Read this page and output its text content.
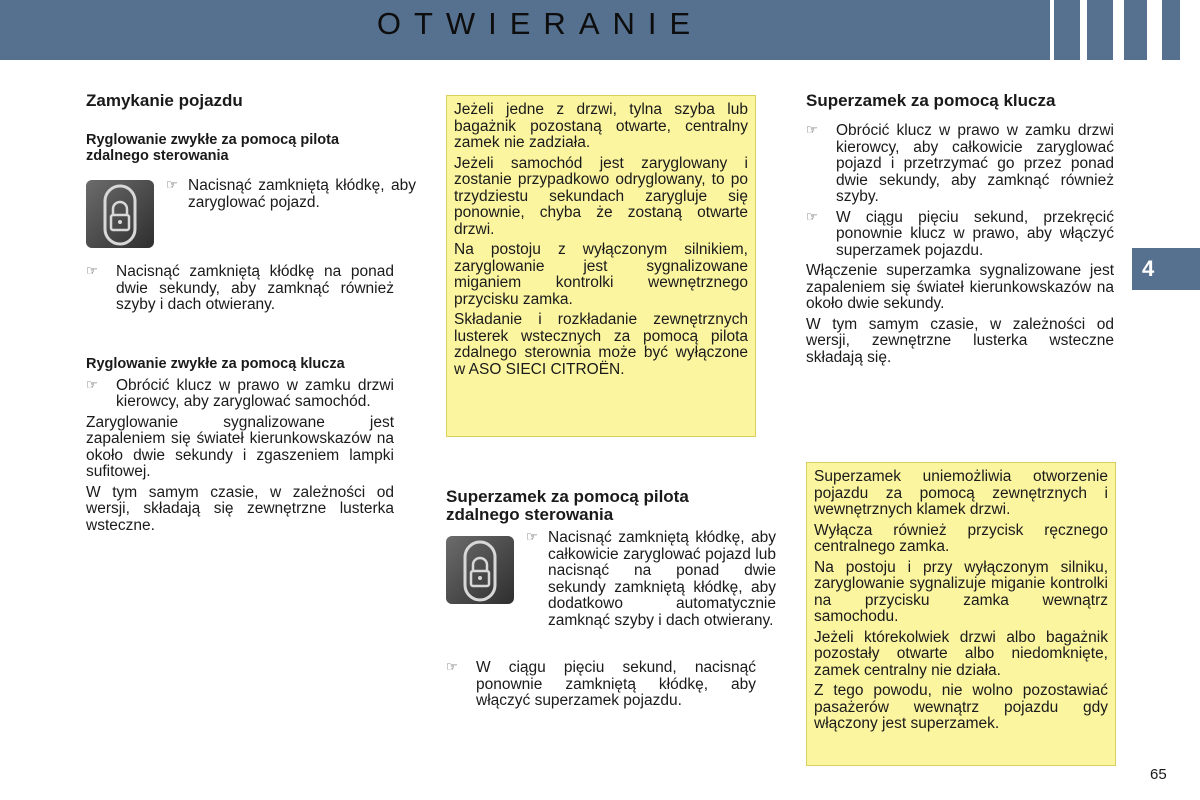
OTWIERANIE
4
Zamykanie pojazdu
Ryglowanie zwykłe za pomocą pilota zdalnego sterowania
☞ Nacisnąć zamkniętą kłódkę, aby zaryglować pojazd.
☞ Nacisnąć zamkniętą kłódkę na ponad dwie sekundy, aby zamknąć również szyby i dach otwierany.
Ryglowanie zwykłe za pomocą klucza
☞ Obrócić klucz w prawo w zamku drzwi kierowcy, aby zaryglować samochód.

Zaryglowanie sygnalizowane jest zapaleniem się świateł kierunkowskazów na około dwie sekundy i zgaszeniem lampki sufitowej.

W tym samym czasie, w zależności od wersji, składają się zewnętrzne lusterka wsteczne.

Jeżeli jedne z drzwi, tylna szyba lub bagażnik pozostaną otwarte, centralny zamek nie zadziała.

Jeżeli samochód jest zaryglowany i zostanie przypadkowo odryglowany, to po trzydziestu sekundach zarygluje się ponownie, chyba że zostaną otwarte drzwi.

Na postoju z wyłączonym silnikiem, zaryglowanie jest sygnalizowane miganiem kontrolki wewnętrznego przycisku zamka.

Składanie i rozkładanie zewnętrznych lusterek wstecznych za pomocą pilota zdalnego sterownia może być wyłączone w ASO SIECI CITROËN.

Superzamek za pomocą pilota zdalnego sterowania
☞ Nacisnąć zamkniętą kłódkę, aby całkowicie zaryglować pojazd lub nacisnąć na ponad dwie sekundy zamkniętą kłódkę, aby dodatkowo automatycznie zamknąć szyby i dach otwierany.
☞ W ciągu pięciu sekund, nacisnąć ponownie zamkniętą kłódkę, aby włączyć superzamek pojazdu.
Superzamek za pomocą klucza
☞ Obrócić klucz w prawo w zamku drzwi kierowcy, aby całkowicie zaryglować pojazd i przetrzymać go przez ponad dwie sekundy, aby zamknąć również szyby.
☞ W ciągu pięciu sekund, przekręcić ponownie klucz w prawo, aby włączyć superzamek pojazdu.

Włączenie superzamka sygnalizowane jest zapaleniem się świateł kierunkowskazów na około dwie sekundy.

W tym samym czasie, w zależności od wersji, zewnętrzne lusterka wsteczne składają się.

Superzamek uniemożliwia otworzenie pojazdu za pomocą zewnętrznych i wewnętrznych klamek drzwi.

Wyłącza również przycisk ręcznego centralnego zamka.

Na postoju i przy wyłączonym silniku, zaryglowanie sygnalizuje miganie kontrolki na przycisku zamka wewnątrz samochodu.

Jeżeli którekolwiek drzwi albo bagażnik pozostały otwarte albo niedomknięte, zamek centralny nie działa.

Z tego powodu, nie wolno pozostawiać pasażerów wewnątrz pojazdu gdy włączony jest superzamek.

65
